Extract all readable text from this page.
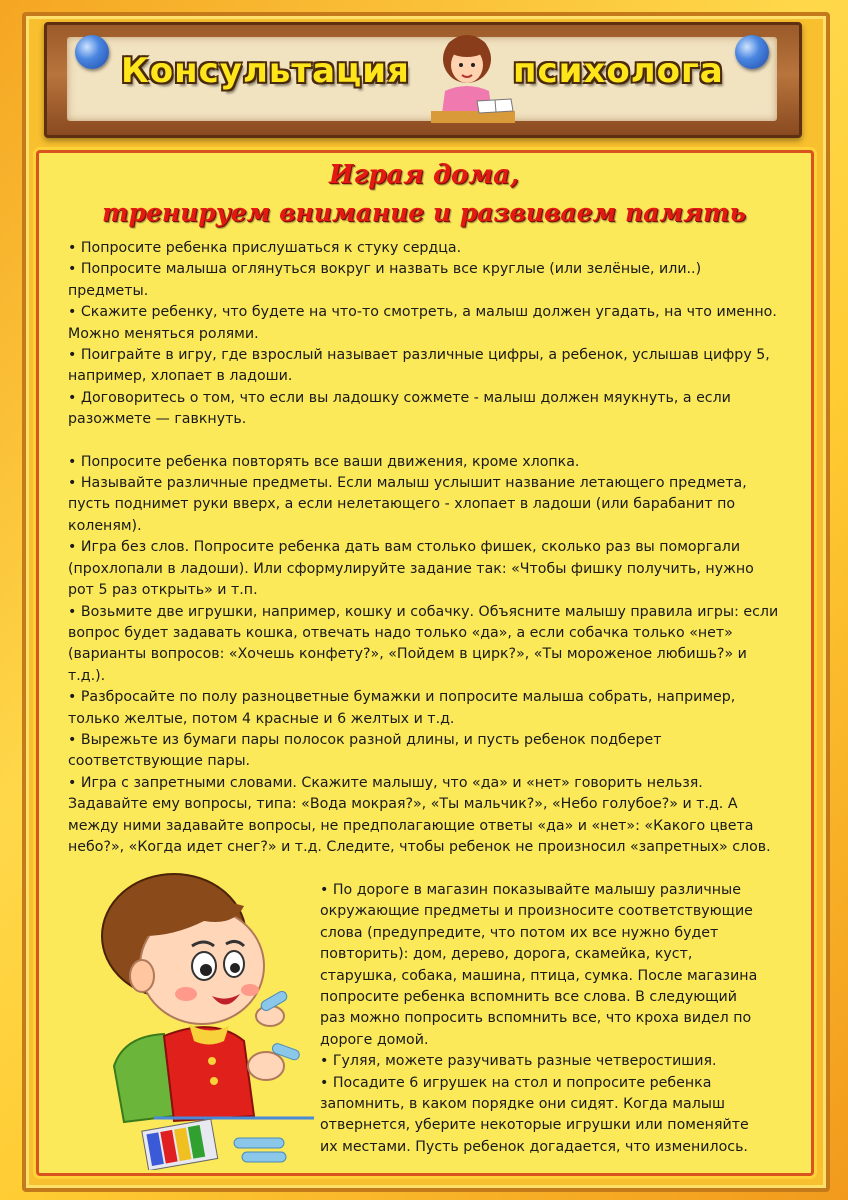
Консультация	психолога
Играя дома,
тренируем внимание и развиваем память

• Попросите ребенка прислушаться к стуку сердца.

• Попросите малыша оглянуться вокруг и назвать все круглые (или зелёные, или..) предметы.

• Скажите ребенку, что будете на что-то смотреть, а малыш должен угадать, на что именно. Можно меняться ролями.

• Поиграйте в игру, где взрослый называет различные цифры, а ребенок, услышав цифру 5, например, хлопает в ладоши.

• Договоритесь о том, что если вы ладошку сожмете - малыш должен мяукнуть, а если разожмете — гавкнуть.

• Попросите ребенка повторять все ваши движения, кроме хлопка.

• Называйте различные предметы. Если малыш услышит название летающего предмета, пусть поднимет руки вверх, а если нелетающего - хлопает в ладоши (или барабанит по коленям).

• Игра без слов. Попросите ребенка дать вам столько фишек, сколько раз вы поморгали (прохлопали в ладоши). Или сформулируйте задание так: «Чтобы фишку получить, нужно рот 5 раз открыть» и т.п.

• Возьмите две игрушки, например, кошку и собачку. Объясните малышу правила игры: если вопрос будет задавать кошка, отвечать надо только «да», а если собачка только «нет» (варианты вопросов: «Хочешь конфету?», «Пойдем в цирк?», «Ты мороженое любишь?» и т.д.).

• Разбросайте по полу разноцветные бумажки и попросите малыша собрать, например, только желтые, потом 4 красные и 6 желтых и т.д.

• Вырежьте из бумаги пары полосок разной длины, и пусть ребенок подберет соответствующие пары.

• Игра с запретными словами. Скажите малышу, что «да» и «нет» говорить нельзя. Задавайте ему вопросы, типа: «Вода мокрая?», «Ты мальчик?», «Небо голубое?» и т.д. А между ними задавайте вопросы, не предполагающие ответы «да» и «нет»: «Какого цвета небо?», «Когда идет снег?» и т.д. Следите, чтобы ребенок не произносил «запретных» слов.

• По дороге в магазин показывайте малышу различные окружающие предметы и произносите соответствующие слова (предупредите, что потом их все нужно будет повторить): дом, дерево, дорога, скамейка, куст, старушка, собака, машина, птица, сумка. После магазина попросите ребенка вспомнить все слова. В следующий раз можно попросить вспомнить все, что кроха видел по дороге домой.

• Гуляя, можете разучивать разные четверостишия.

• Посадите 6 игрушек на стол и попросите ребенка запомнить, в каком порядке они сидят. Когда малыш отвернется, уберите некоторые игрушки или поменяйте их местами. Пусть ребенок догадается, что изменилось.
